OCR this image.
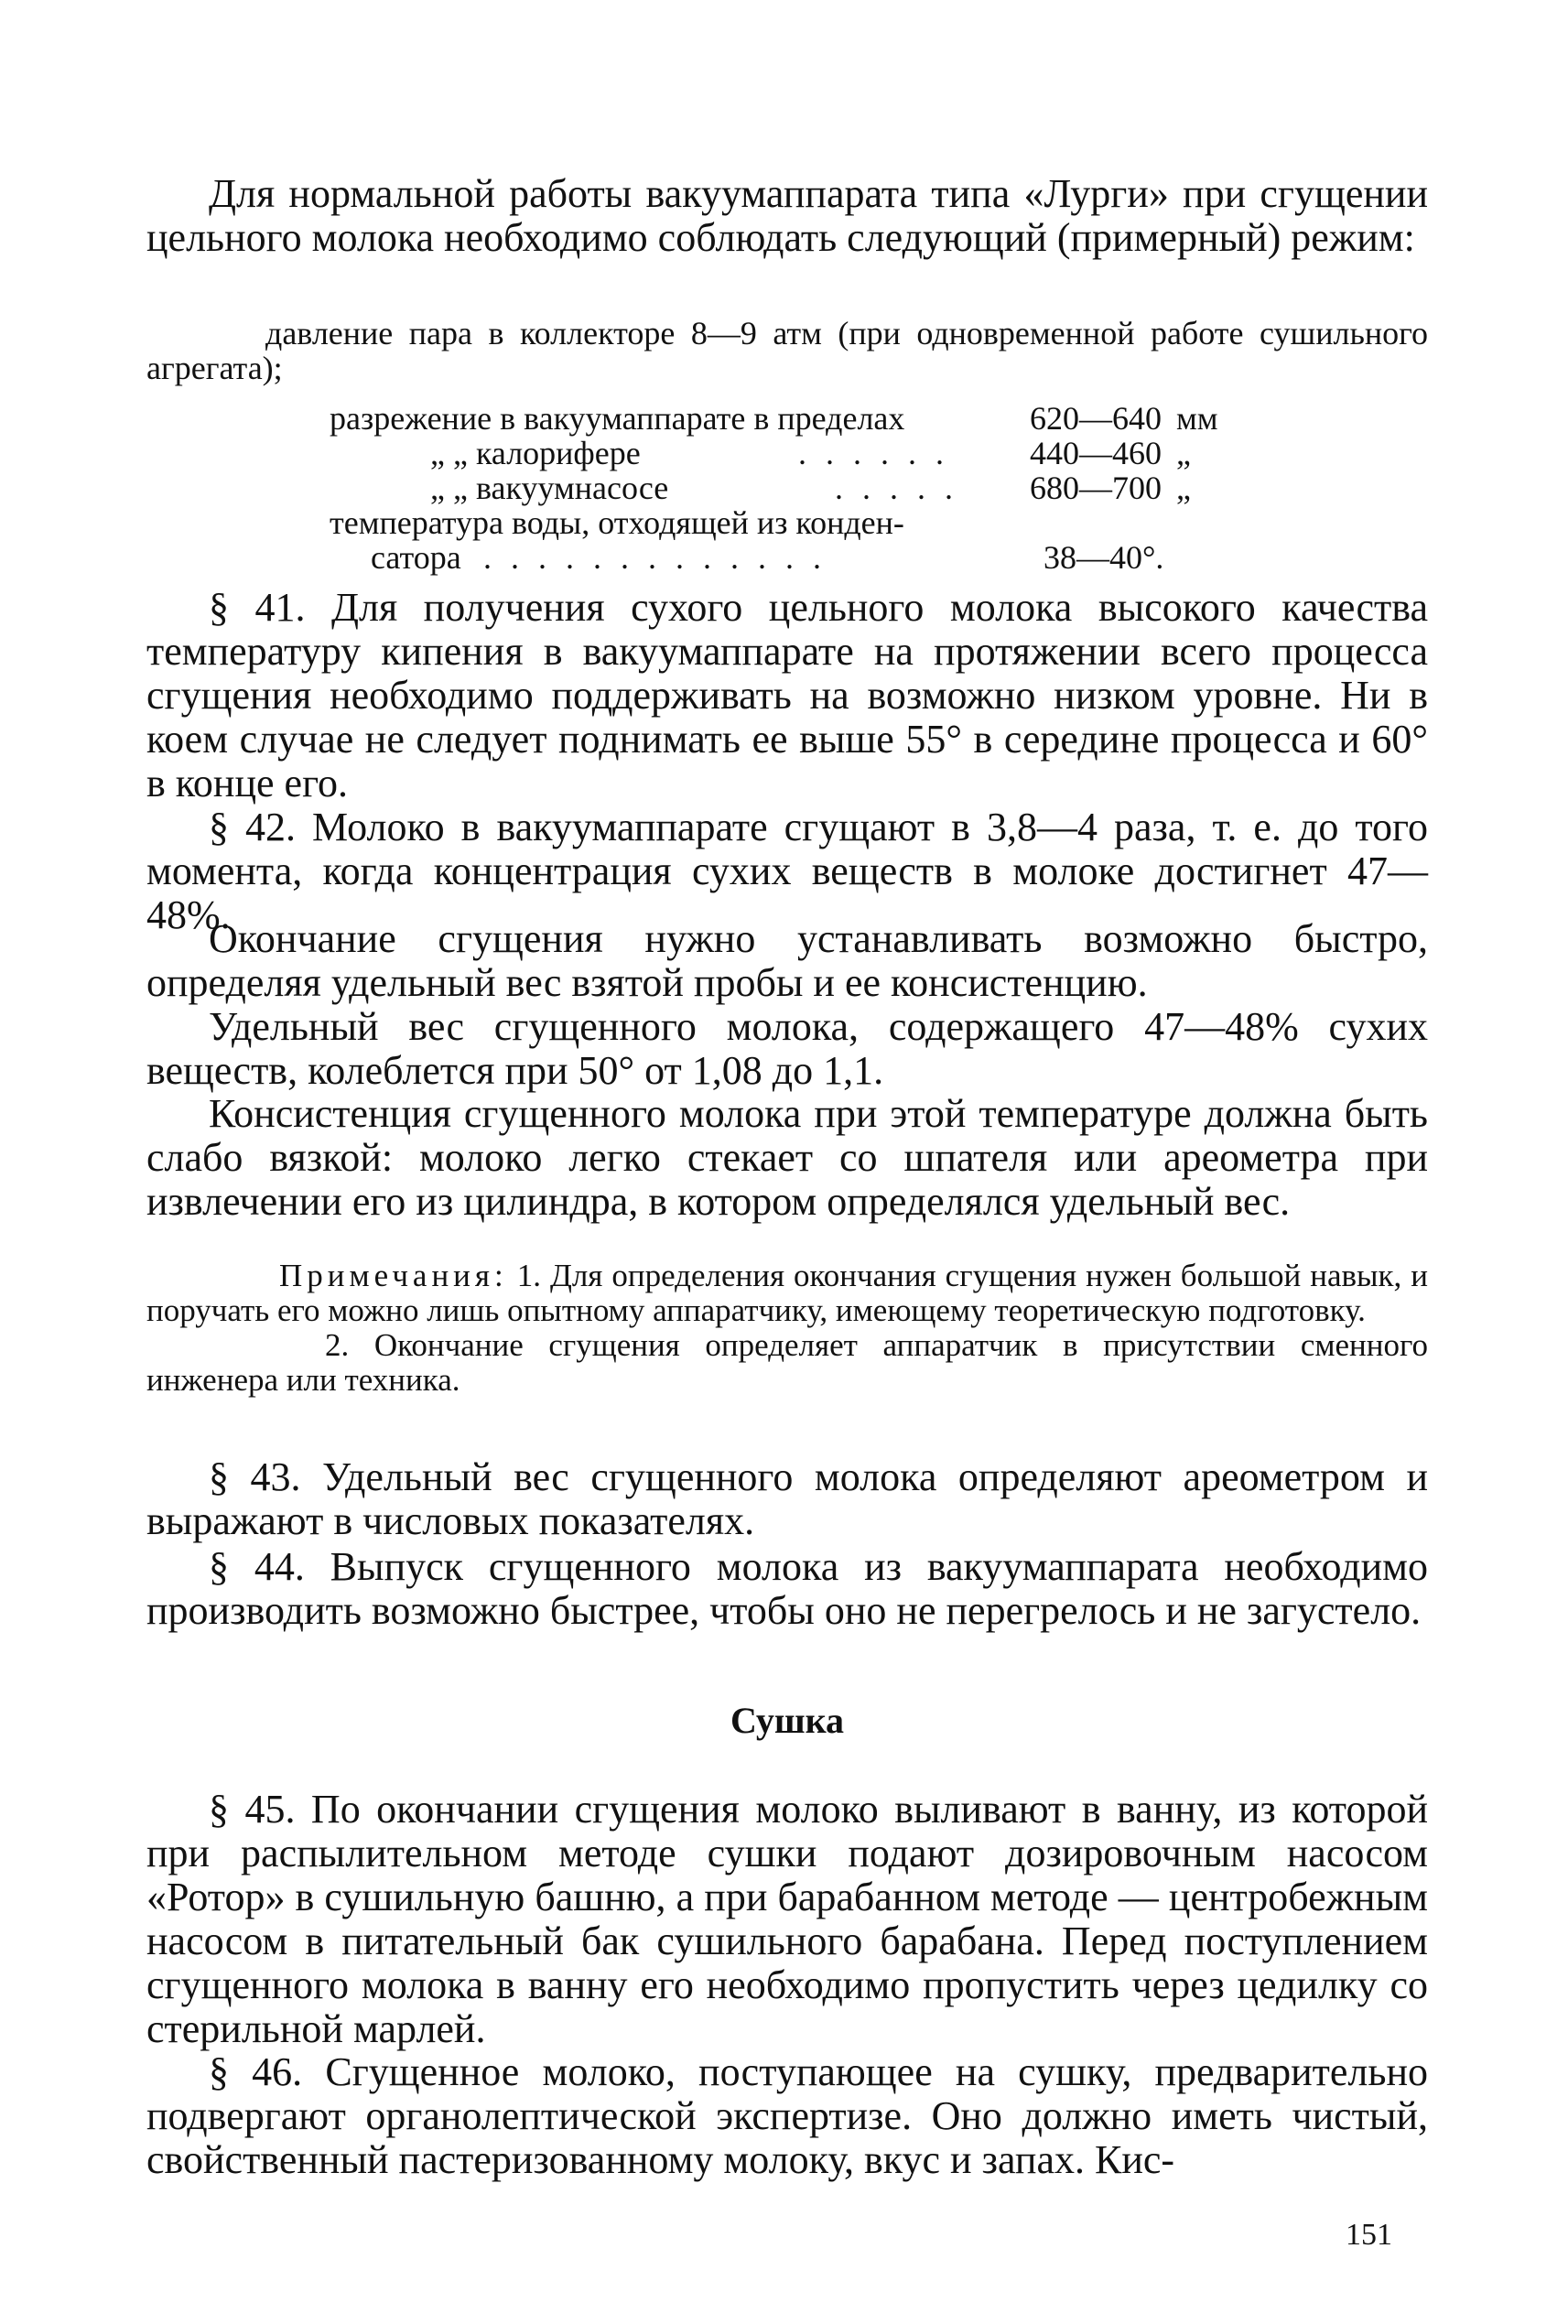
Для нормальной работы вакуумаппарата типа «Лурги» при сгущении цельного молока необходимо соблюдать следующий (примерный) режим:

давление пара в коллекторе 8—9 атм (при одновременной работе сушильного агрегата);

разрежение в вакуумаппарате в пределах	620—640 мм
„ „ калорифере	. . . . . . 440—460 „
„ „ вакуумнасосе	. . . . . 680—700 „
температура воды, отходящей из конден-
сатора . . . . . . . . . . . . .	38—40°.

§ 41. Для получения сухого цельного молока высокого качества температуру кипения в вакуумаппарате на протяжении всего процесса сгущения необходимо поддерживать на возможно низком уровне. Ни в коем случае не следует поднимать ее выше 55° в середине процесса и 60° в конце его.

§ 42. Молоко в вакуумаппарате сгущают в 3,8—4 раза, т. е. до того момента, когда концентрация сухих веществ в молоке достигнет 47—48%.

Окончание сгущения нужно устанавливать возможно быстро, определяя удельный вес взятой пробы и ее консистенцию.

Удельный вес сгущенного молока, содержащего 47—48% сухих веществ, колеблется при 50° от 1,08 до 1,1.

Консистенция сгущенного молока при этой температуре должна быть слабо вязкой: молоко легко стекает со шпателя или ареометра при извлечении его из цилиндра, в котором определялся удельный вес.

Примечания: 1. Для определения окончания сгущения нужен большой навык, и поручать его можно лишь опытному аппаратчику, имеющему теоретическую подготовку.

2. Окончание сгущения определяет аппаратчик в присутствии сменного инженера или техника.

§ 43. Удельный вес сгущенного молока определяют ареометром и выражают в числовых показателях.

§ 44. Выпуск сгущенного молока из вакуумаппарата необходимо производить возможно быстрее, чтобы оно не перегрелось и не загустело.

Сушка

§ 45. По окончании сгущения молоко выливают в ванну, из которой при распылительном методе сушки подают дозировочным насосом «Ротор» в сушильную башню, а при барабанном методе — центробежным насосом в питательный бак сушильного барабана. Перед поступлением сгущенного молока в ванну его необходимо пропустить через цедилку со стерильной марлей.

§ 46. Сгущенное молоко, поступающее на сушку, предварительно подвергают органолептической экспертизе. Оно должно иметь чистый, свойственный пастеризованному молоку, вкус и запах. Кис-

151
